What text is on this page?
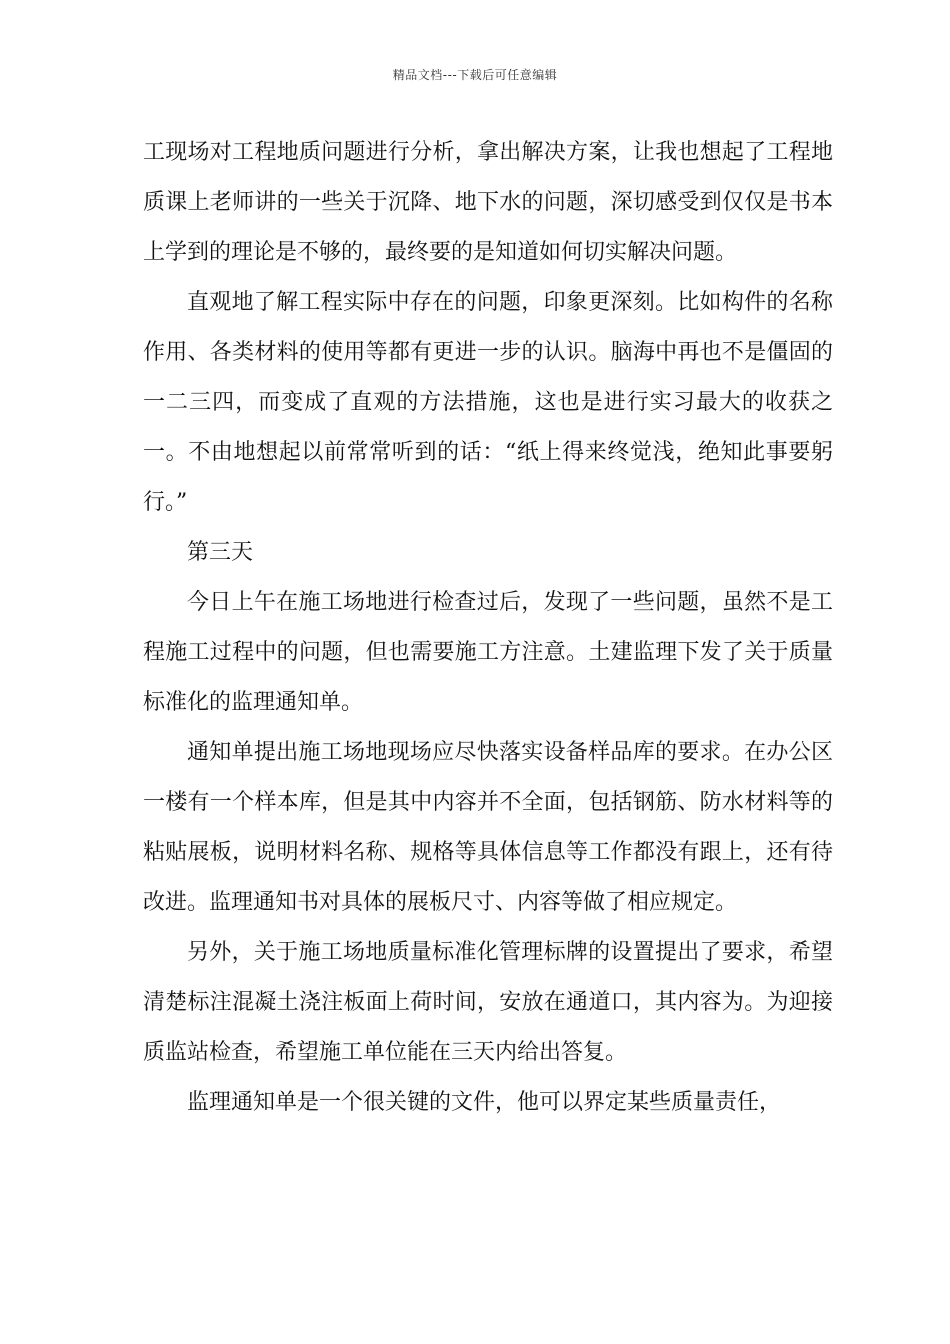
精品文档---下载后可任意编辑

工现场对工程地质问题进行分析，拿出解决方案，让我也想起了工程地质课上老师讲的一些关于沉降、地下水的问题，深切感受到仅仅是书本上学到的理论是不够的，最终要的是知道如何切实解决问题。

直观地了解工程实际中存在的问题，印象更深刻。比如构件的名称作用、各类材料的使用等都有更进一步的认识。脑海中再也不是僵固的一二三四，而变成了直观的方法措施，这也是进行实习最大的收获之一。不由地想起以前常常听到的话：“纸上得来终觉浅，绝知此事要躬行。”

第三天

今日上午在施工场地进行检查过后，发现了一些问题，虽然不是工程施工过程中的问题，但也需要施工方注意。土建监理下发了关于质量标准化的监理通知单。

通知单提出施工场地现场应尽快落实设备样品库的要求。在办公区一楼有一个样本库，但是其中内容并不全面，包括钢筋、防水材料等的粘贴展板，说明材料名称、规格等具体信息等工作都没有跟上，还有待改进。监理通知书对具体的展板尺寸、内容等做了相应规定。

另外，关于施工场地质量标准化管理标牌的设置提出了要求，希望清楚标注混凝土浇注板面上荷时间，安放在通道口，其内容为。为迎接质监站检查，希望施工单位能在三天内给出答复。

监理通知单是一个很关键的文件，他可以界定某些质量责任，
